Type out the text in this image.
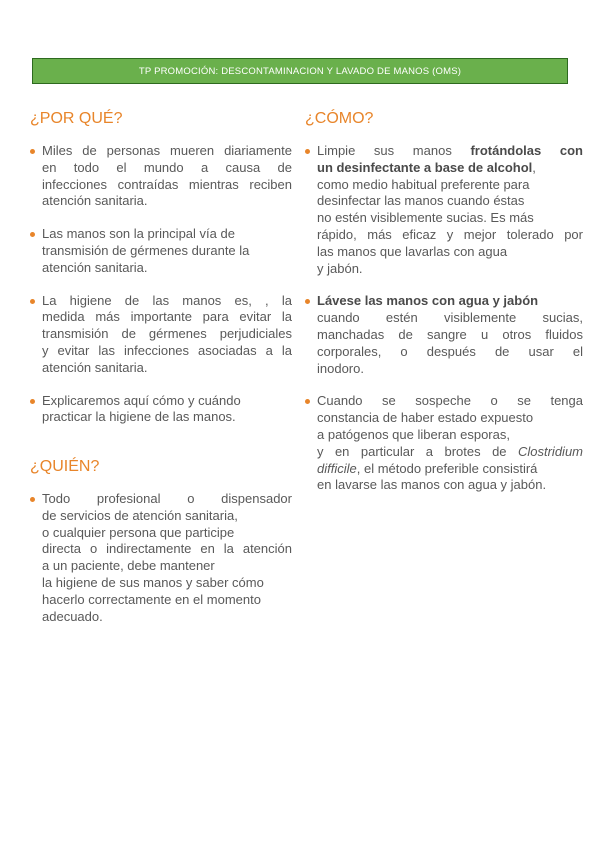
TP PROMOCIÓN: DESCONTAMINACION Y LAVADO DE MANOS (OMS)
¿POR QUÉ?
Miles de personas mueren diariamente
en todo el mundo a causa de
infecciones contraídas mientras reciben
atención sanitaria.
Las manos son la principal vía de
transmisión de gérmenes durante la
atención sanitaria.
La higiene de las manos es, , la
medida más importante para evitar la
transmisión de gérmenes perjudiciales
y evitar las infecciones asociadas a la
atención sanitaria.
Explicaremos aquí cómo y cuándo
practicar la higiene de las manos.
¿QUIÉN?
Todo profesional o dispensador
de servicios de atención sanitaria,
o cualquier persona que participe
directa o indirectamente en la atención
a un paciente, debe mantener
la higiene de sus manos y saber cómo
hacerlo correctamente en el momento
adecuado.
¿CÓMO?
Limpie sus manos frotándolas con
un desinfectante a base de alcohol,
como medio habitual preferente para
desinfectar las manos cuando éstas
no estén visiblemente sucias. Es más
rápido, más eficaz y mejor tolerado por
las manos que lavarlas con agua
y jabón.
Lávese las manos con agua y jabón
cuando estén visiblemente sucias,
manchadas de sangre u otros fluidos
corporales, o después de usar el
inodoro.
Cuando se sospeche o se tenga
constancia de haber estado expuesto
a patógenos que liberan esporas,
y en particular a brotes de Clostridium
difficile, el método preferible consistirá
en lavarse las manos con agua y jabón.
